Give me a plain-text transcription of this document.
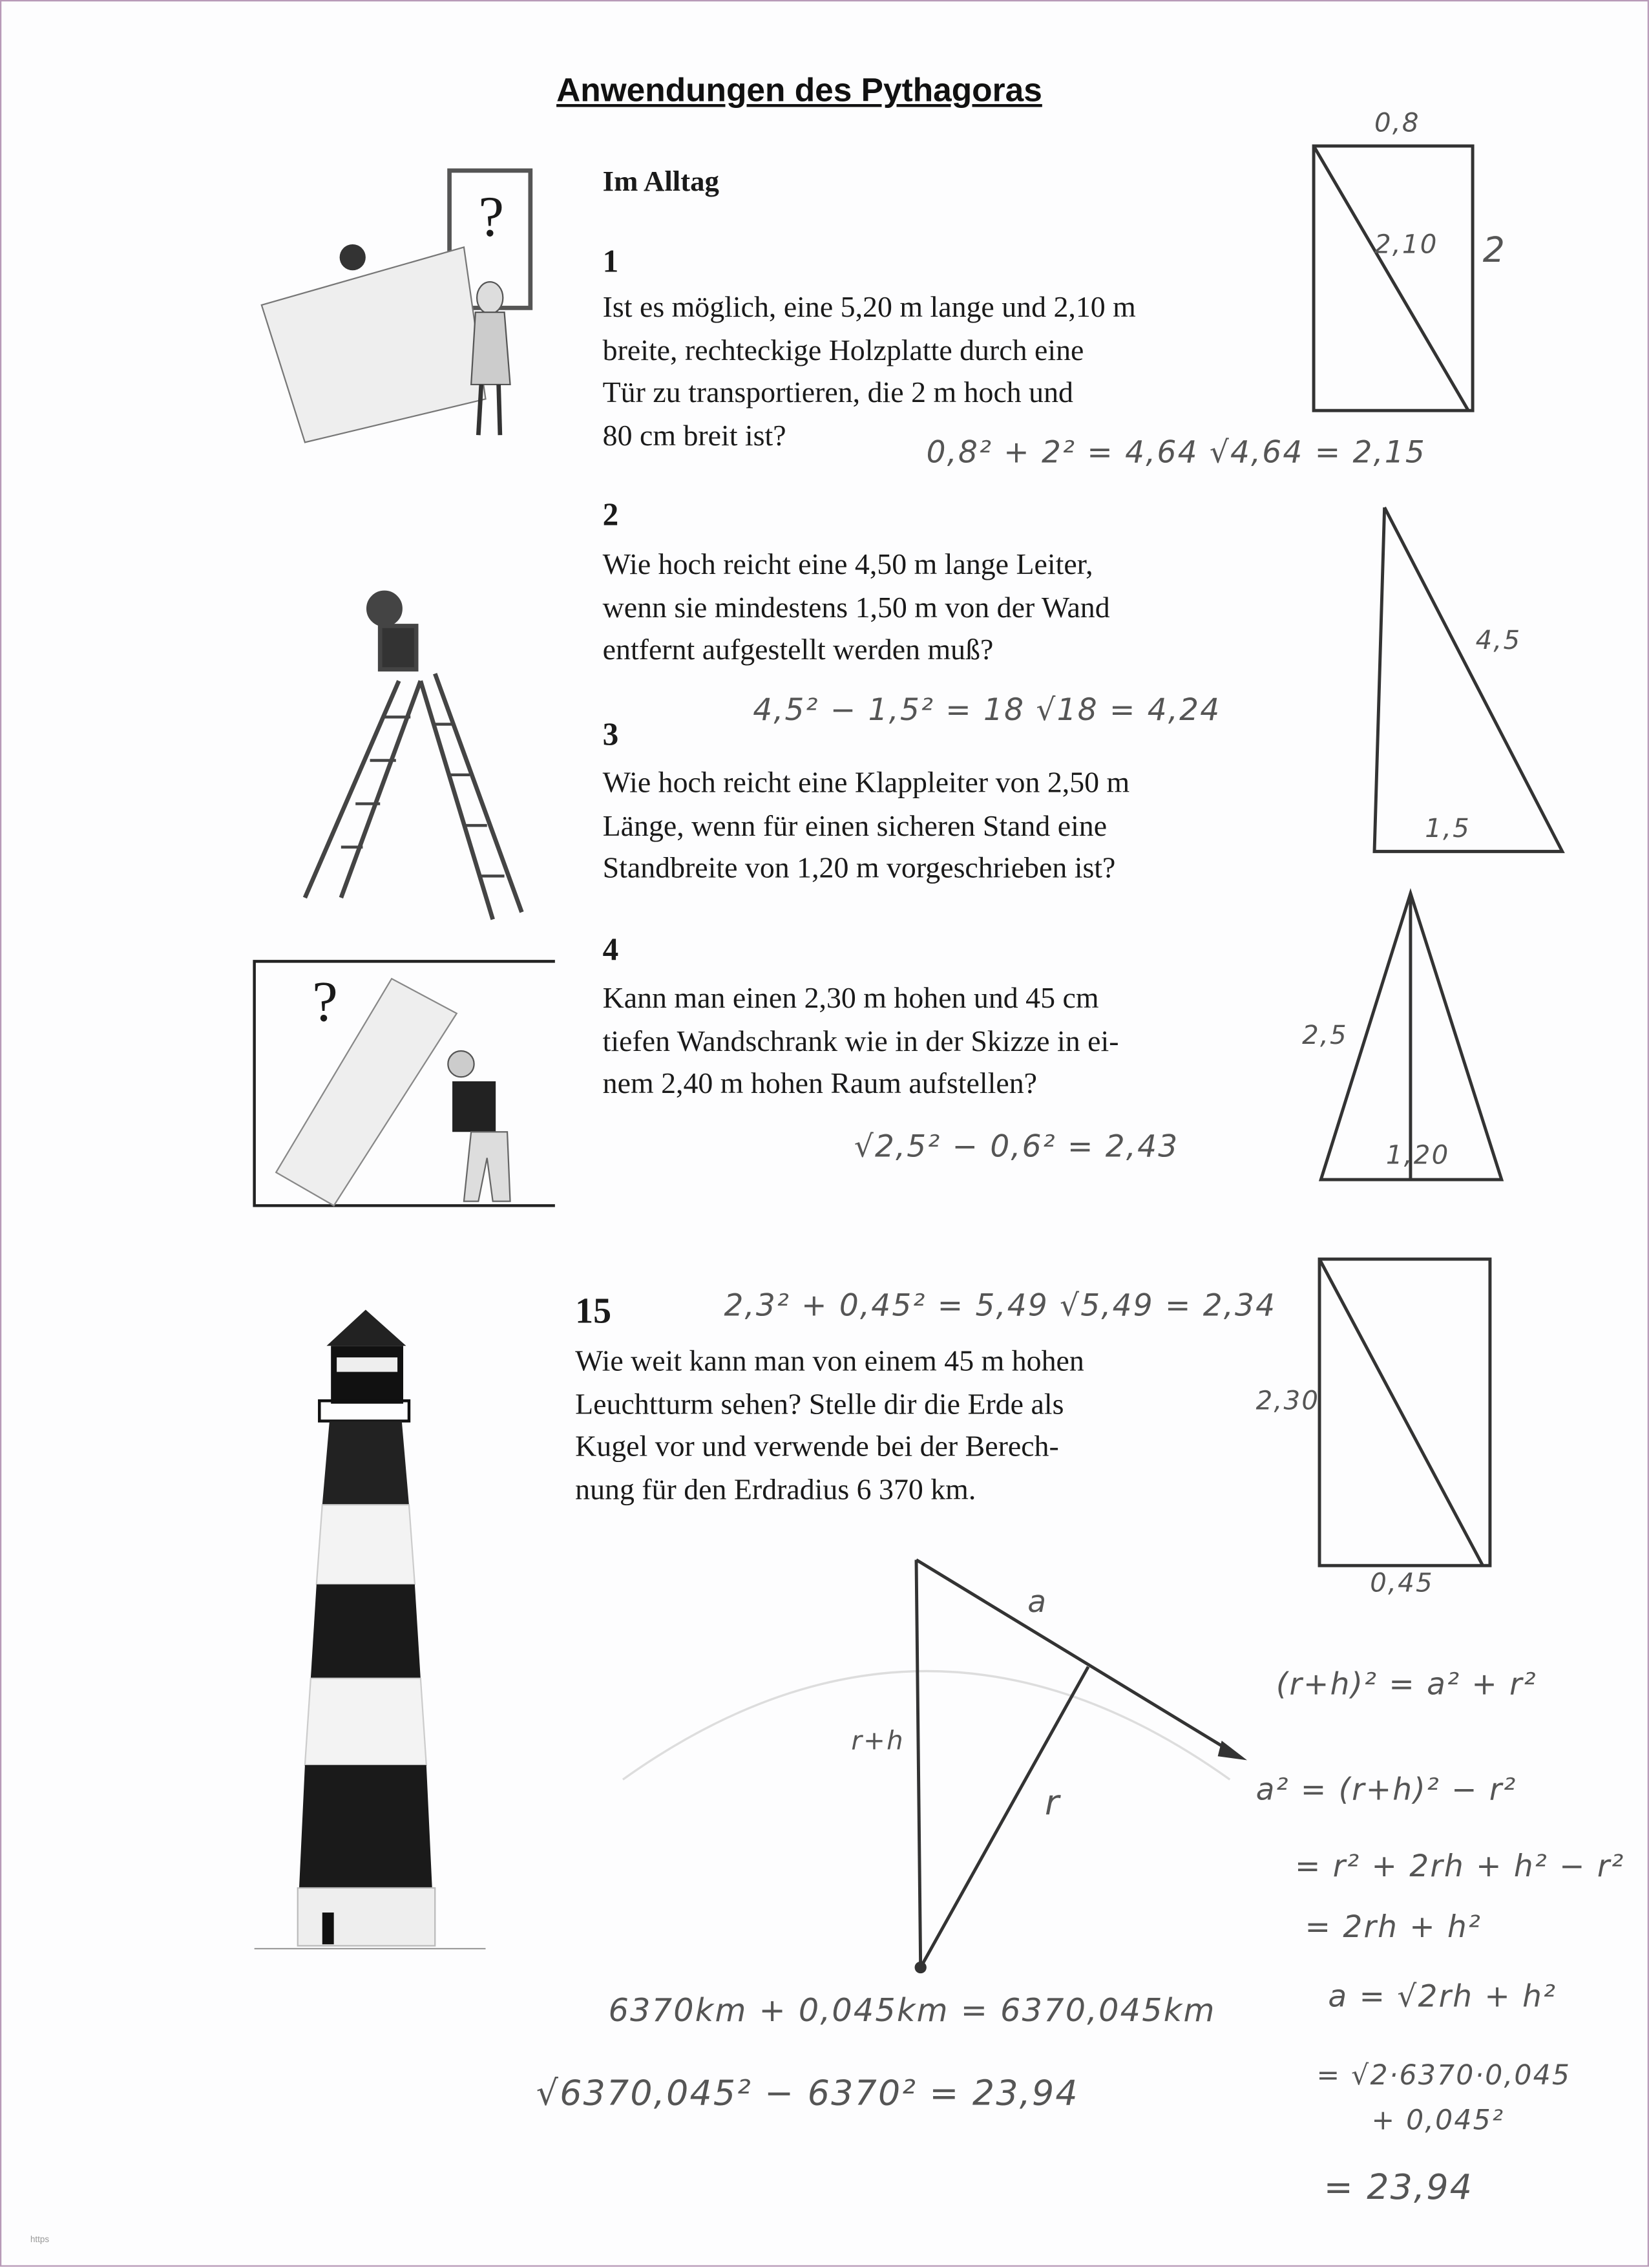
Anwendungen des Pythagoras
Im Alltag
1
Ist es möglich, eine 5,20 m lange und 2,10 m
breite, rechteckige Holzplatte durch eine
Tür zu transportieren, die 2 m hoch und
80 cm breit ist?	0,8² + 2² = 4,64 √4,64 = 2,15
2
Wie hoch reicht eine 4,50 m lange Leiter,
wenn sie mindestens 1,50 m von der Wand
entfernt aufgestellt werden muß?
4,5² − 1,5² = 18 √18 = 4,24
3
Wie hoch reicht eine Klappleiter von 2,50 m
Länge, wenn für einen sicheren Stand eine
Standbreite von 1,20 m vorgeschrieben ist?
4
Kann man einen 2,30 m hohen und 45 cm
tiefen Wandschrank wie in der Skizze in ei-
nem 2,40 m hohen Raum aufstellen?
√2,5² − 0,6² = 2,43
15	2,3² + 0,45² = 5,49 √5,49 = 2,34
Wie weit kann man von einem 45 m hohen
Leuchtturm sehen? Stelle dir die Erde als
Kugel vor und verwende bei der Berech-
nung für den Erdradius 6 370 km.
6370km + 0,045km = 6370,045km
√6370,045² − 6370² = 23,94
(r+h)² = a² + r²
a² = (r+h)² − r²
= r² + 2rh + h² − r²
= 2rh + h²
a = √2rh + h²
= √2·6370·0,045
+ 0,045²
= 23,94
?
?
0,8
2,10	2
4,5
1,5
2,5
1,20
2,30
0,45
a
r+h
r
https
